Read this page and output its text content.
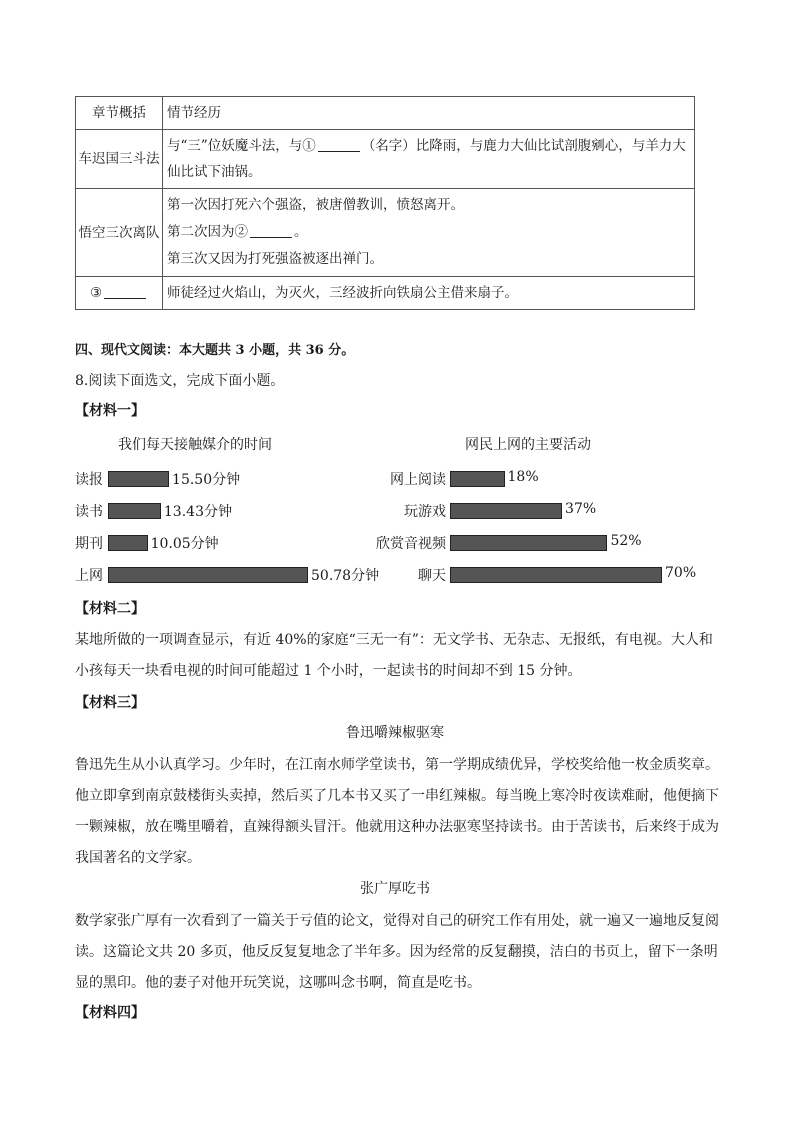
章节概括	情节经历
车迟国三斗法	与“三”位妖魔斗法，与① （名字）比降雨，与鹿力大仙比试剖腹剜心，与羊力大仙比试下油锅。
悟空三次离队	第一次因打死六个强盗，被唐僧教训，愤怒离开。
第二次因为② 。
第三次又因为打死强盗被逐出禅门。

③	师徒经过火焰山，为灭火，三经波折向铁扇公主借来扇子。
四、现代文阅读：本大题共 3 小题，共 36 分。
8.阅读下面选文，完成下面小题。
【材料一】
我们每天接触媒介的时间
读报	15.50分钟
读书	13.43分钟
期刊	10.05分钟
上网	50.78分钟
网民上网的主要活动
网上阅读	18%
玩游戏	37%
欣赏音视频	52%
聊天	70%
【材料二】
某地所做的一项调查显示，有近 40%的家庭“三无一有”：无文学书、无杂志、无报纸，有电视。大人和
小孩每天一块看电视的时间可能超过 1 个小时，一起读书的时间却不到 15 分钟。
【材料三】
鲁迅嚼辣椒驱寒
鲁迅先生从小认真学习。少年时，在江南水师学堂读书，第一学期成绩优异，学校奖给他一枚金质奖章。
他立即拿到南京鼓楼街头卖掉，然后买了几本书又买了一串红辣椒。每当晚上寒冷时夜读难耐，他便摘下
一颗辣椒，放在嘴里嚼着，直辣得额头冒汗。他就用这种办法驱寒坚持读书。由于苦读书，后来终于成为
我国著名的文学家。
张广厚吃书
数学家张广厚有一次看到了一篇关于亏值的论文，觉得对自己的研究工作有用处，就一遍又一遍地反复阅
读。这篇论文共 20 多页，他反反复复地念了半年多。因为经常的反复翻摸，洁白的书页上，留下一条明
显的黑印。他的妻子对他开玩笑说，这哪叫念书啊，简直是吃书。
【材料四】
